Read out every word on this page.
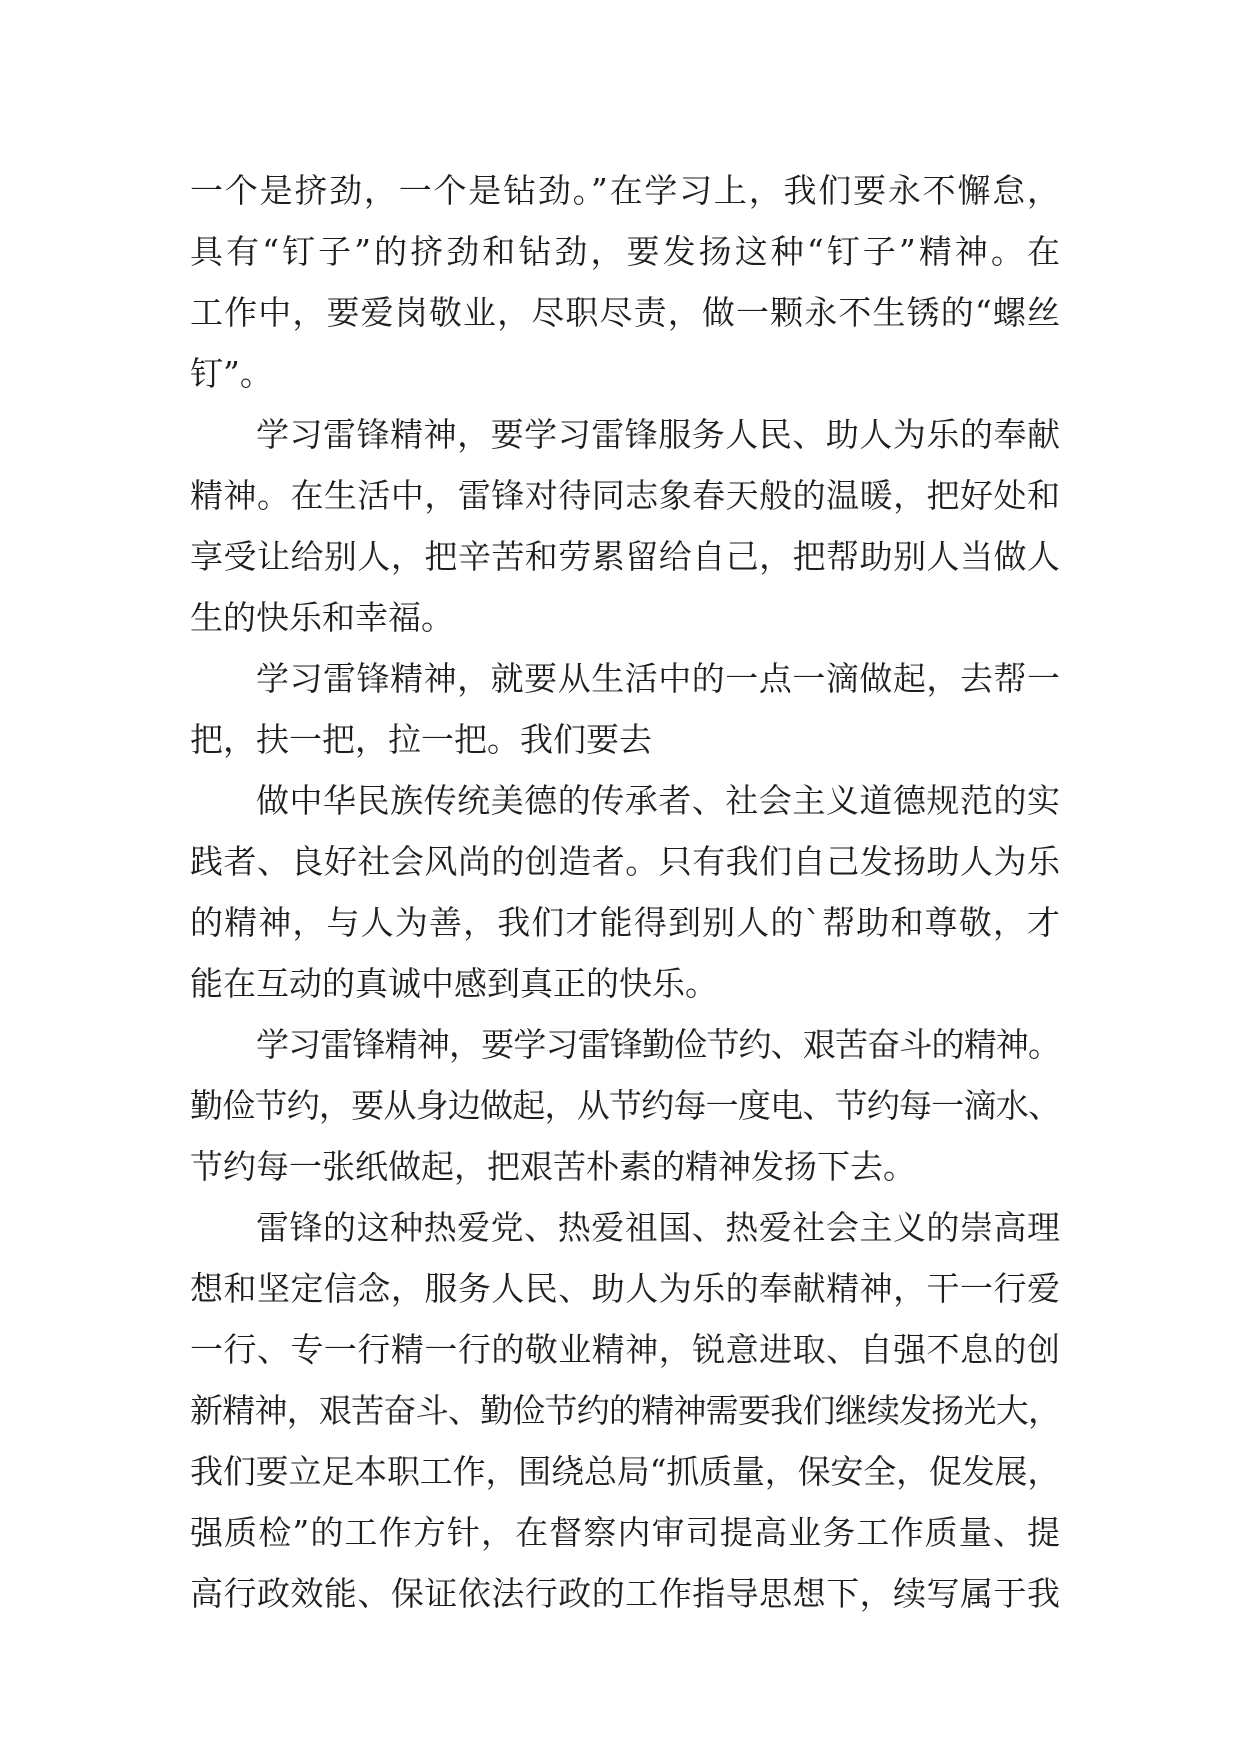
一个是挤劲，一个是钻劲。”在学习上，我们要永不懈怠，
具有“钉子”的挤劲和钻劲，要发扬这种“钉子”精神。在
工作中，要爱岗敬业，尽职尽责，做一颗永不生锈的“螺丝
钉”。
学习雷锋精神，要学习雷锋服务人民、助人为乐的奉献
精神。在生活中，雷锋对待同志象春天般的温暖，把好处和
享受让给别人，把辛苦和劳累留给自己，把帮助别人当做人
生的快乐和幸福。
学习雷锋精神，就要从生活中的一点一滴做起，去帮一
把，扶一把，拉一把。我们要去
做中华民族传统美德的传承者、社会主义道德规范的实
践者、良好社会风尚的创造者。只有我们自己发扬助人为乐
的精神，与人为善，我们才能得到别人的`帮助和尊敬，才
能在互动的真诚中感到真正的快乐。
学习雷锋精神，要学习雷锋勤俭节约、艰苦奋斗的精神。
勤俭节约，要从身边做起，从节约每一度电、节约每一滴水、
节约每一张纸做起，把艰苦朴素的精神发扬下去。
雷锋的这种热爱党、热爱祖国、热爱社会主义的崇高理
想和坚定信念，服务人民、助人为乐的奉献精神，干一行爱
一行、专一行精一行的敬业精神，锐意进取、自强不息的创
新精神，艰苦奋斗、勤俭节约的精神需要我们继续发扬光大，
我们要立足本职工作，围绕总局“抓质量，保安全，促发展，
强质检”的工作方针，在督察内审司提高业务工作质量、提
高行政效能、保证依法行政的工作指导思想下，续写属于我
